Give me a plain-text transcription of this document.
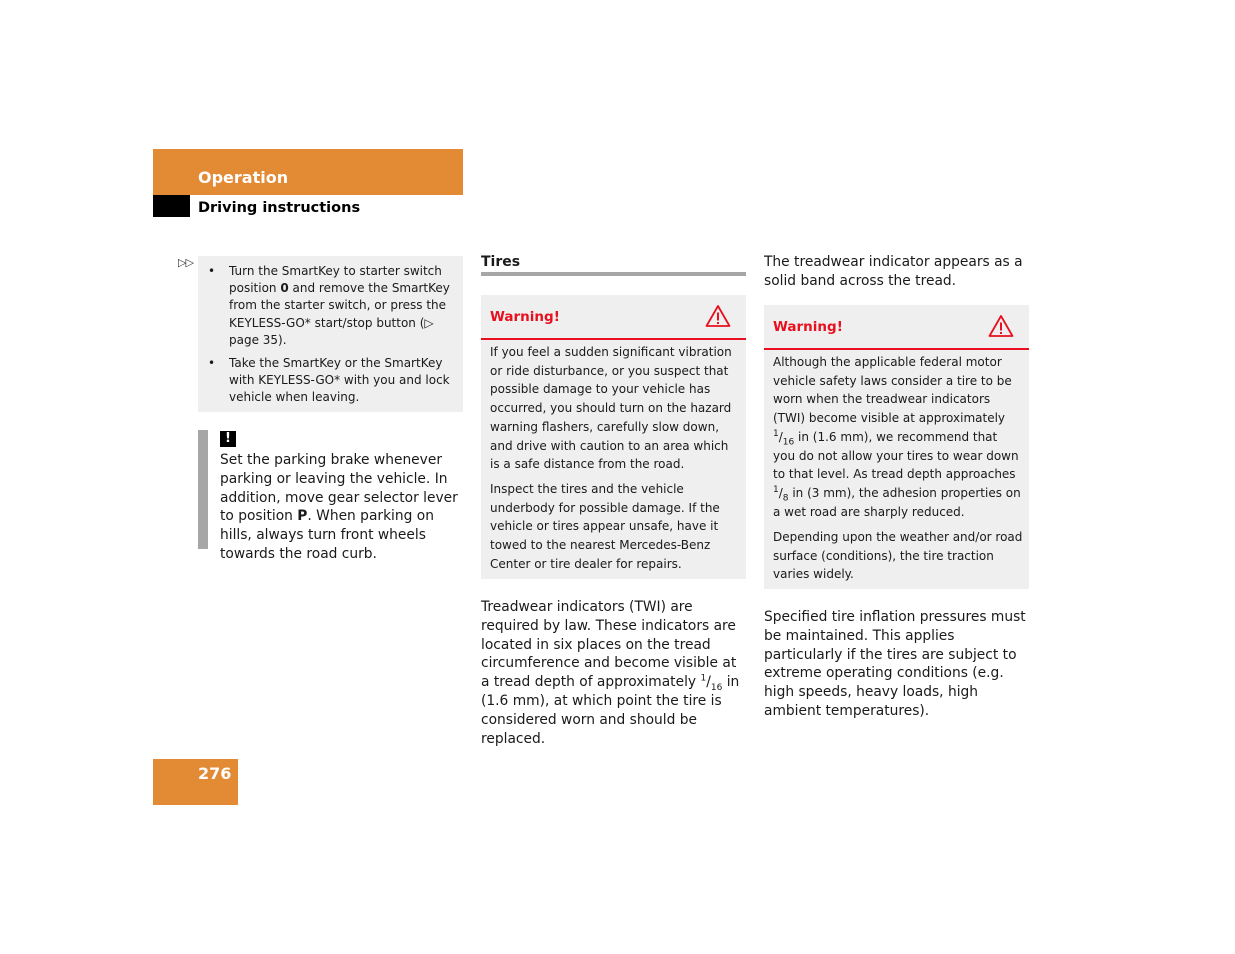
Operation
Driving instructions
▷▷
• Turn the SmartKey to starter switch position 0 and remove the SmartKey from the starter switch, or press the KEYLESS-GO* start/stop button (▷ page 35).
• Take the SmartKey or the SmartKey with KEYLESS-GO* with you and lock vehicle when leaving.
!
Set the parking brake whenever parking or leaving the vehicle. In addition, move gear selector lever to position P. When parking on hills, always turn front wheels towards the road curb.
Tires
Warning!
If you feel a sudden significant vibration or ride disturbance, or you suspect that possible damage to your vehicle has occurred, you should turn on the hazard warning flashers, carefully slow down, and drive with caution to an area which is a safe distance from the road.
Inspect the tires and the vehicle underbody for possible damage. If the vehicle or tires appear unsafe, have it towed to the nearest Mercedes-Benz Center or tire dealer for repairs.
Treadwear indicators (TWI) are required by law. These indicators are located in six places on the tread circumference and become visible at a tread depth of approximately $^1/_{16}$ in (1.6 mm), at which point the tire is considered worn and should be replaced.
The treadwear indicator appears as a solid band across the tread.
Warning!
Although the applicable federal motor vehicle safety laws consider a tire to be worn when the treadwear indicators (TWI) become visible at approximately $^1/_{16}$ in (1.6 mm), we recommend that you do not allow your tires to wear down to that level. As tread depth approaches $^1/_8$ in (3 mm), the adhesion properties on a wet road are sharply reduced.
Depending upon the weather and/or road surface (conditions), the tire traction varies widely.
Specified tire inflation pressures must be maintained. This applies particularly if the tires are subject to extreme operating conditions (e.g. high speeds, heavy loads, high ambient temperatures).
276
